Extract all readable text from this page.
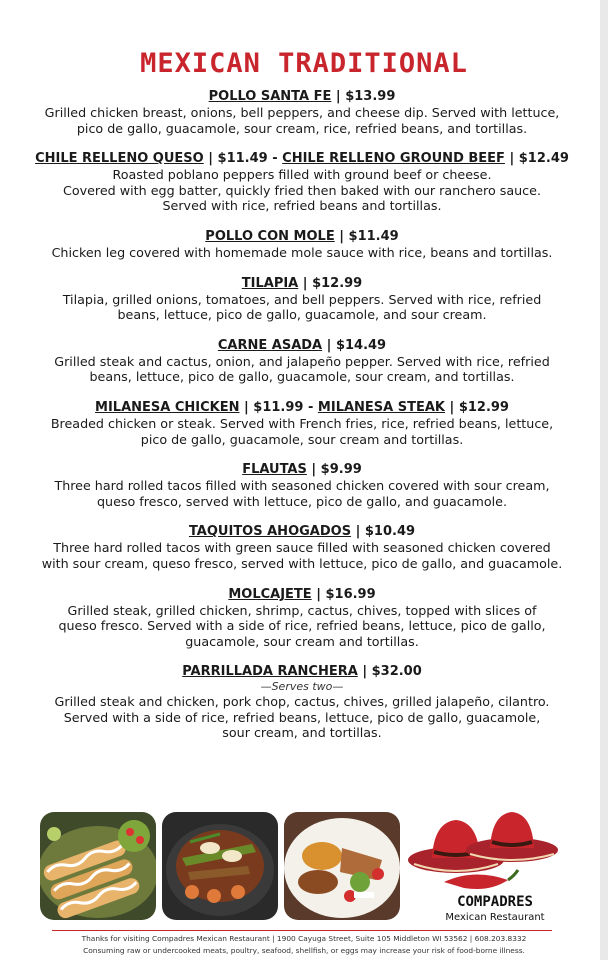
MEXICAN TRADITIONAL
POLLO SANTA FE | $13.99
Grilled chicken breast, onions, bell peppers, and cheese dip. Served with lettuce,
pico de gallo, guacamole, sour cream, rice, refried beans, and tortillas.
CHILE RELLENO QUESO | $11.49 - CHILE RELLENO GROUND BEEF | $12.49
Roasted poblano peppers filled with ground beef or cheese.
Covered with egg batter, quickly fried then baked with our ranchero sauce.
Served with rice, refried beans and tortillas.
POLLO CON MOLE | $11.49
Chicken leg covered with homemade mole sauce with rice, beans and tortillas.
TILAPIA | $12.99
Tilapia, grilled onions, tomatoes, and bell peppers. Served with rice, refried
beans, lettuce, pico de gallo, guacamole, and sour cream.
CARNE ASADA | $14.49
Grilled steak and cactus, onion, and jalapeño pepper. Served with rice, refried
beans, lettuce, pico de gallo, guacamole, sour cream, and tortillas.
MILANESA CHICKEN | $11.99 - MILANESA STEAK | $12.99
Breaded chicken or steak. Served with French fries, rice, refried beans, lettuce,
pico de gallo, guacamole, sour cream and tortillas.
FLAUTAS | $9.99
Three hard rolled tacos filled with seasoned chicken covered with sour cream,
queso fresco, served with lettuce, pico de gallo, and guacamole.
TAQUITOS AHOGADOS | $10.49
Three hard rolled tacos with green sauce filled with seasoned chicken covered
with sour cream, queso fresco, served with lettuce, pico de gallo, and guacamole.
MOLCAJETE | $16.99
Grilled steak, grilled chicken, shrimp, cactus, chives, topped with slices of
queso fresco. Served with a side of rice, refried beans, lettuce, pico de gallo,
guacamole, sour cream and tortillas.
PARRILLADA RANCHERA | $32.00
—Serves two—
Grilled steak and chicken, pork chop, cactus, chives, grilled jalapeño, cilantro.
Served with a side of rice, refried beans, lettuce, pico de gallo, guacamole,
sour cream, and tortillas.
COMPADRES
Mexican Restaurant
Thanks for visiting Compadres Mexican Restaurant | 1900 Cayuga Street, Suite 105 Middleton WI 53562 | 608.203.8332
Consuming raw or undercooked meats, poultry, seafood, shellfish, or eggs may increase your risk of food-borne illness.
